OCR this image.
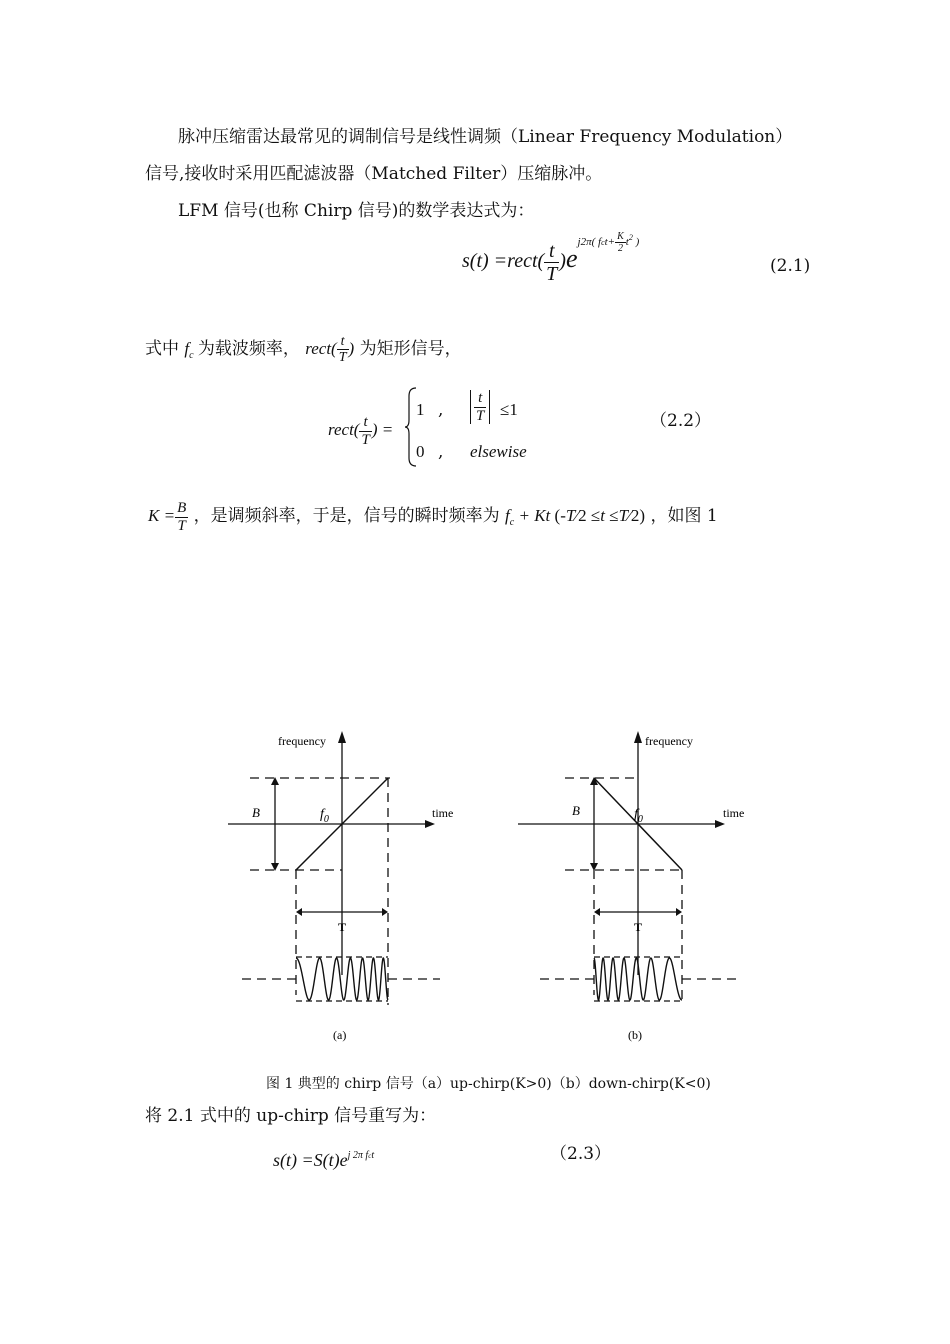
脉冲压缩雷达最常见的调制信号是线性调频（Linear Frequency Modulation）
信号,接收时采用匹配滤波器（Matched Filter）压缩脉冲。
LFM 信号(也称 Chirp 信号)的数学表达式为：
s(t) =rect( $\frac{t}{T} )e^{j2\pi( fct+ \frac{K}{2} t^2 )}$
(2.1)
式中 $f_c$ 为载波频率， rect( $\frac{t}{T}$ ) 为矩形信号，
rect( $\frac{t}{T}$ ) =
1 , $\frac{t}{T} \le 1$
0 , elsewise
（2.2）
$K = \frac{B}{T}$ ，是调频斜率，于是，信号的瞬时频率为 $f_c + Kt$ (-T⁄2 ≤t ≤T⁄2) ，如图 1
frequency
time
B	$f_0$
T
(a)
frequency
time
B	$f_0$
T
(b)
图 1 典型的 chirp 信号（a）up-chirp(K>0)（b）down-chirp(K<0)
将 2.1 式中的 up-chirp 信号重写为：
$s(t) =S(t)e^{j 2\pi fct}$	（2.3）
